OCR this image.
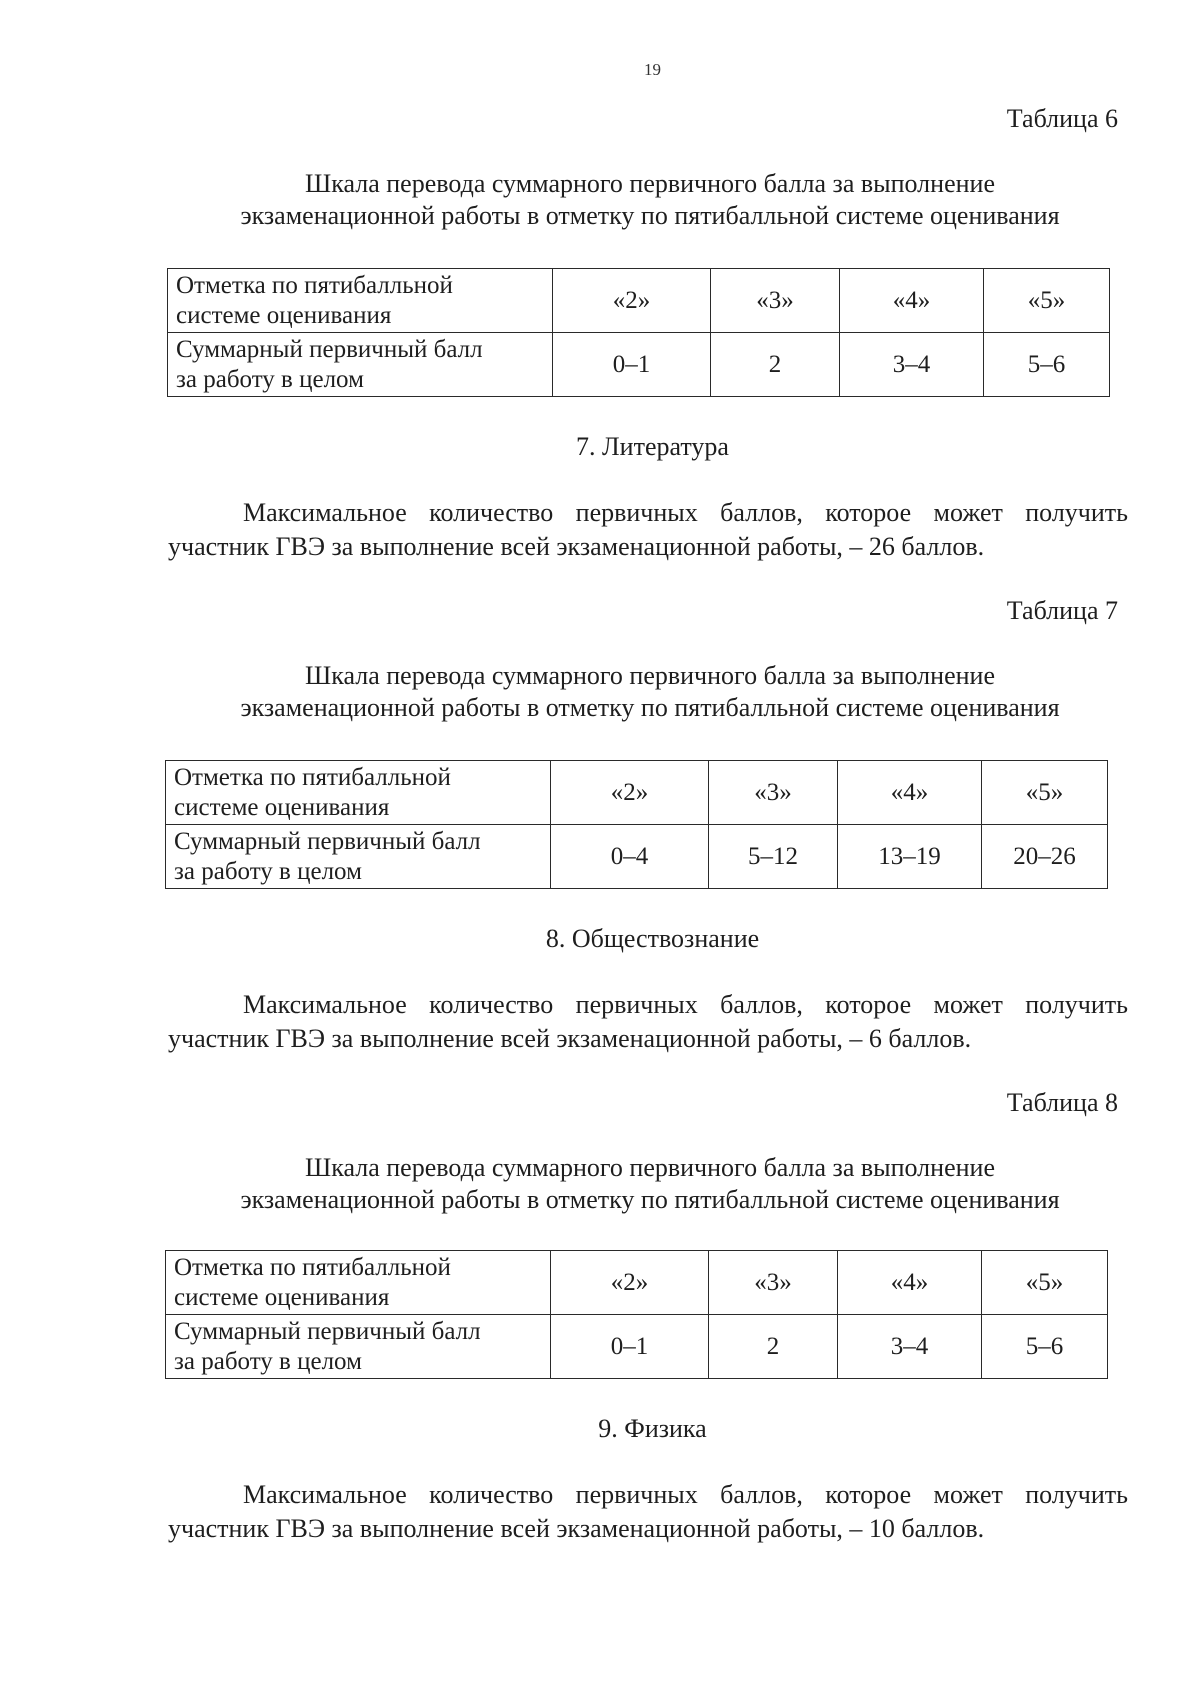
19
Таблица 6
Шкала перевода суммарного первичного балла за выполнение
экзаменационной работы в отметку по пятибалльной системе оценивания
Отметка по пятибалльной
системе оценивания	«2»	«3»	«4»	«5»

Суммарный первичный балл
за работу в целом	0–1	2	3–4	5–6
7. Литература
Максимальное количество первичных баллов, которое может получить участник ГВЭ за выполнение всей экзаменационной работы, – 26 баллов.
Таблица 7
Шкала перевода суммарного первичного балла за выполнение
экзаменационной работы в отметку по пятибалльной системе оценивания
Отметка по пятибалльной
системе оценивания	«2»	«3»	«4»	«5»

Суммарный первичный балл
за работу в целом	0–4	5–12	13–19	20–26
8. Обществознание
Максимальное количество первичных баллов, которое может получить участник ГВЭ за выполнение всей экзаменационной работы, – 6 баллов.
Таблица 8
Шкала перевода суммарного первичного балла за выполнение
экзаменационной работы в отметку по пятибалльной системе оценивания
Отметка по пятибалльной
системе оценивания	«2»	«3»	«4»	«5»

Суммарный первичный балл
за работу в целом	0–1	2	3–4	5–6
9. Физика
Максимальное количество первичных баллов, которое может получить участник ГВЭ за выполнение всей экзаменационной работы, – 10 баллов.
